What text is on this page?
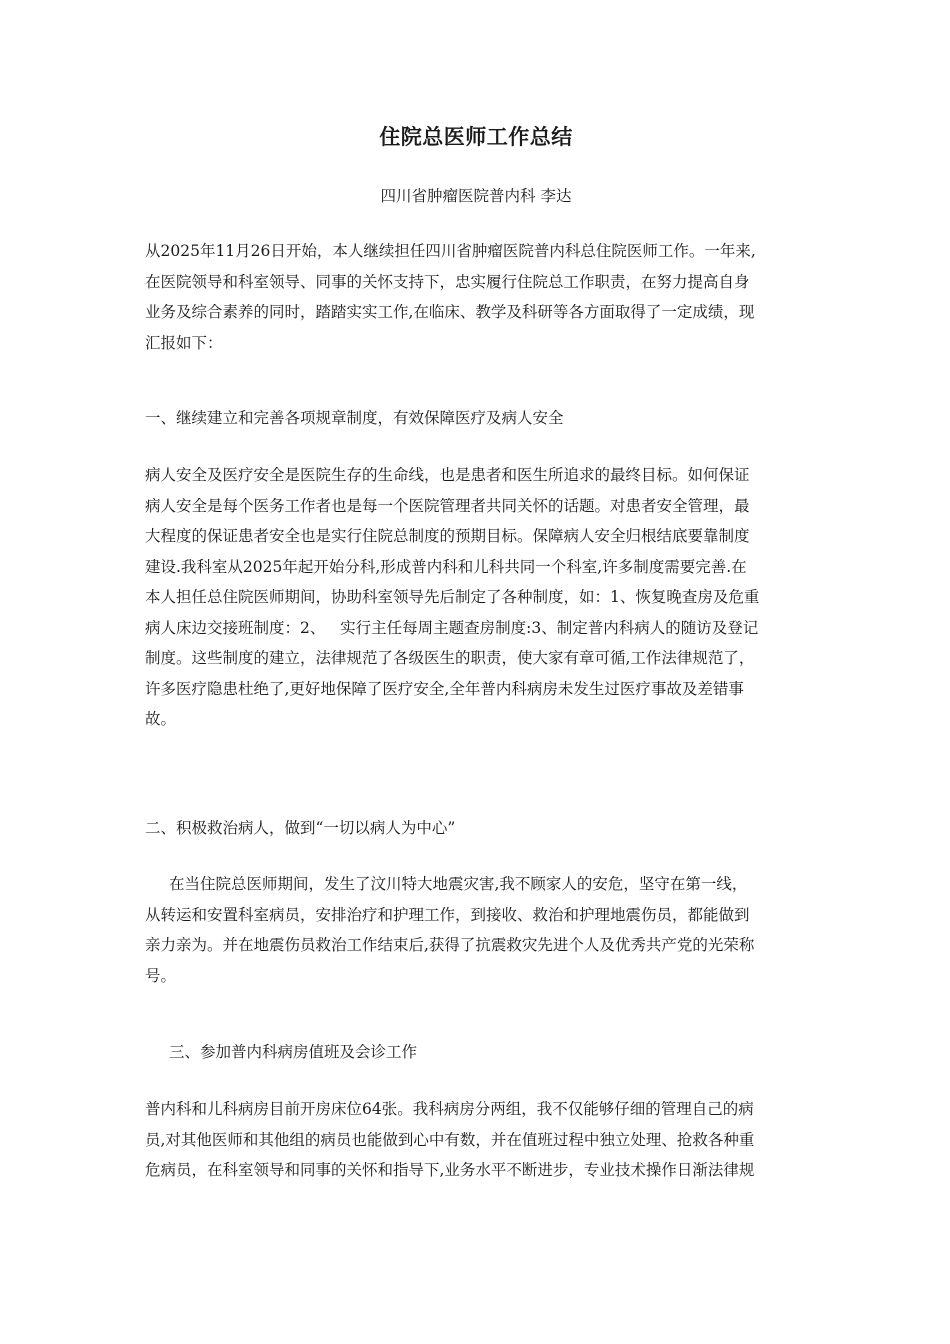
住院总医师工作总结

四川省肿瘤医院普内科 李达

从2025年11月26日开始，本人继续担任四川省肿瘤医院普内科总住院医师工作。一年来,
在医院领导和科室领导、同事的关怀支持下，忠实履行住院总工作职责，在努力提高自身
业务及综合素养的同时，踏踏实实工作,在临床、教学及科研等各方面取得了一定成绩，现
汇报如下：

一、继续建立和完善各项规章制度，有效保障医疗及病人安全

病人安全及医疗安全是医院生存的生命线，也是患者和医生所追求的最终目标。如何保证
病人安全是每个医务工作者也是每一个医院管理者共同关怀的话题。对患者安全管理，最
大程度的保证患者安全也是实行住院总制度的预期目标。保障病人安全归根结底要靠制度
建设.我科室从2025年起开始分科,形成普内科和儿科共同一个科室,许多制度需要完善.在
本人担任总住院医师期间，协助科室领导先后制定了各种制度，如：1、恢复晚查房及危重
病人床边交接班制度：2、   实行主任每周主题查房制度:3、制定普内科病人的随访及登记
制度。这些制度的建立，法律规范了各级医生的职责，使大家有章可循,工作法律规范了，
许多医疗隐患杜绝了,更好地保障了医疗安全,全年普内科病房未发生过医疗事故及差错事
故。

二、积极救治病人，做到“一切以病人为中心”

在当住院总医师期间，发生了汶川特大地震灾害,我不顾家人的安危，坚守在第一线，
从转运和安置科室病员，安排治疗和护理工作，到接收、救治和护理地震伤员，都能做到
亲力亲为。并在地震伤员救治工作结束后,获得了抗震救灾先进个人及优秀共产党的光荣称
号。

三、参加普内科病房值班及会诊工作

普内科和儿科病房目前开房床位64张。我科病房分两组，我不仅能够仔细的管理自己的病
员,对其他医师和其他组的病员也能做到心中有数，并在值班过程中独立处理、抢救各种重
危病员，在科室领导和同事的关怀和指导下,业务水平不断进步，专业技术操作日渐法律规
